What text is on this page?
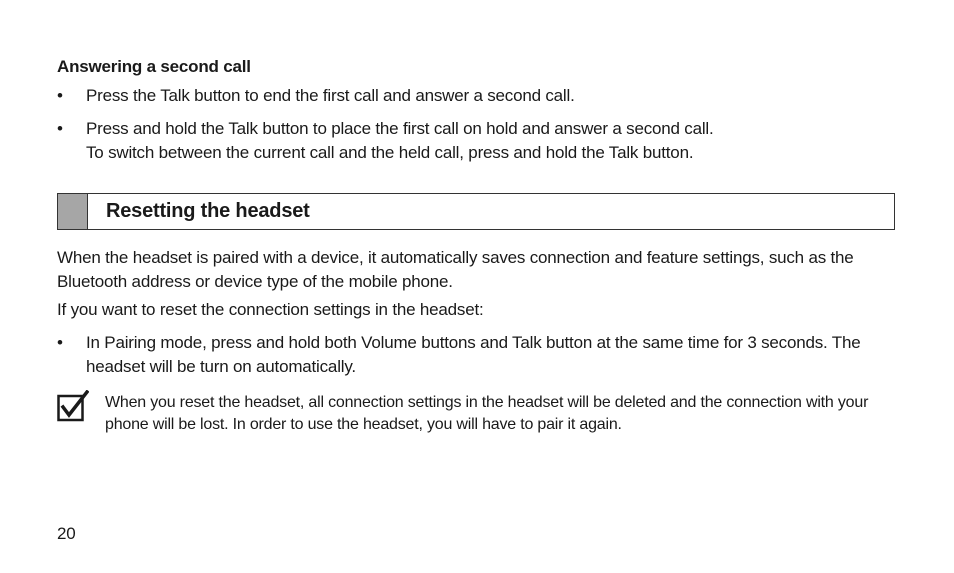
Answering a second call
•	Press the Talk button to end the first call and answer a second call.
•	Press and hold the Talk button to place the first call on hold and answer a second call.
To switch between the current call and the held call, press and hold the Talk button.
Resetting the headset

When the headset is paired with a device, it automatically saves connection and feature settings, such as the Bluetooth address or device type of the mobile phone.

If you want to reset the connection settings in the headset:

•	In Pairing mode, press and hold both Volume buttons and Talk button at the same time for 3 seconds. The headset will be turn on automatically.
When you reset the headset, all connection settings in the headset will be deleted and the connection with your phone will be lost. In order to use the headset, you will have to pair it again.
20
